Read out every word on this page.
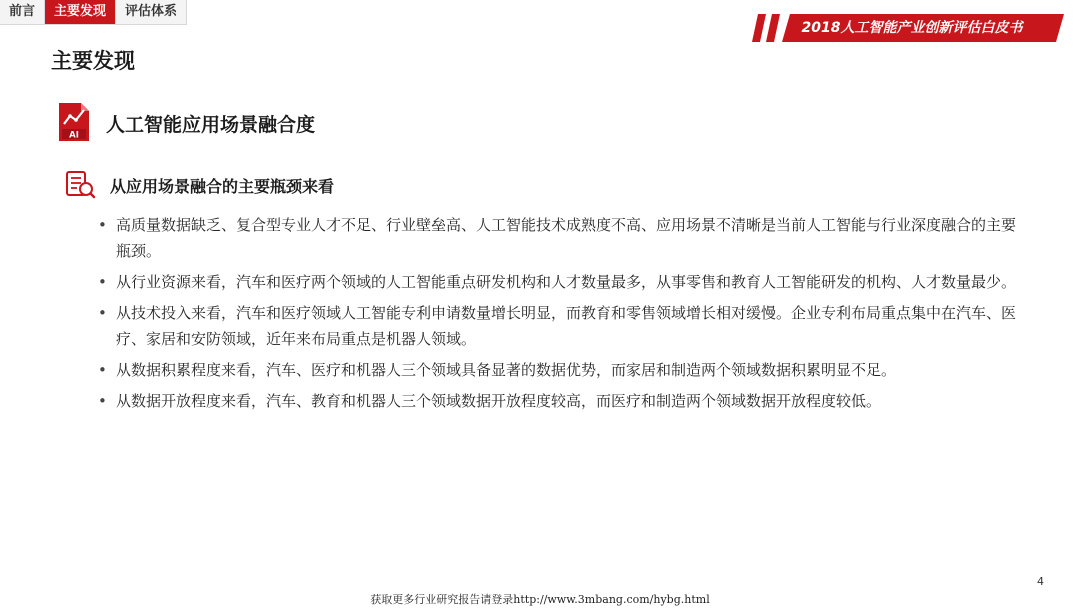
前言	主要发现	评估体系
2018人工智能产业创新评估白皮书
主要发现
AI 人工智能应用场景融合度
从应用场景融合的主要瓶颈来看
• 高质量数据缺乏、复合型专业人才不足、行业壁垒高、人工智能技术成熟度不高、应用场景不清晰是当前人工智能与行业深度融合的主要瓶颈。
• 从行业资源来看，汽车和医疗两个领域的人工智能重点研发机构和人才数量最多，从事零售和教育人工智能研发的机构、人才数量最少。
• 从技术投入来看，汽车和医疗领域人工智能专利申请数量增长明显，而教育和零售领域增长相对缓慢。企业专利布局重点集中在汽车、医疗、家居和安防领域，近年来布局重点是机器人领域。
• 从数据积累程度来看，汽车、医疗和机器人三个领域具备显著的数据优势，而家居和制造两个领域数据积累明显不足。
• 从数据开放程度来看，汽车、教育和机器人三个领域数据开放程度较高，而医疗和制造两个领域数据开放程度较低。
4
获取更多行业研究报告请登录http://www.3mbang.com/hybg.html
